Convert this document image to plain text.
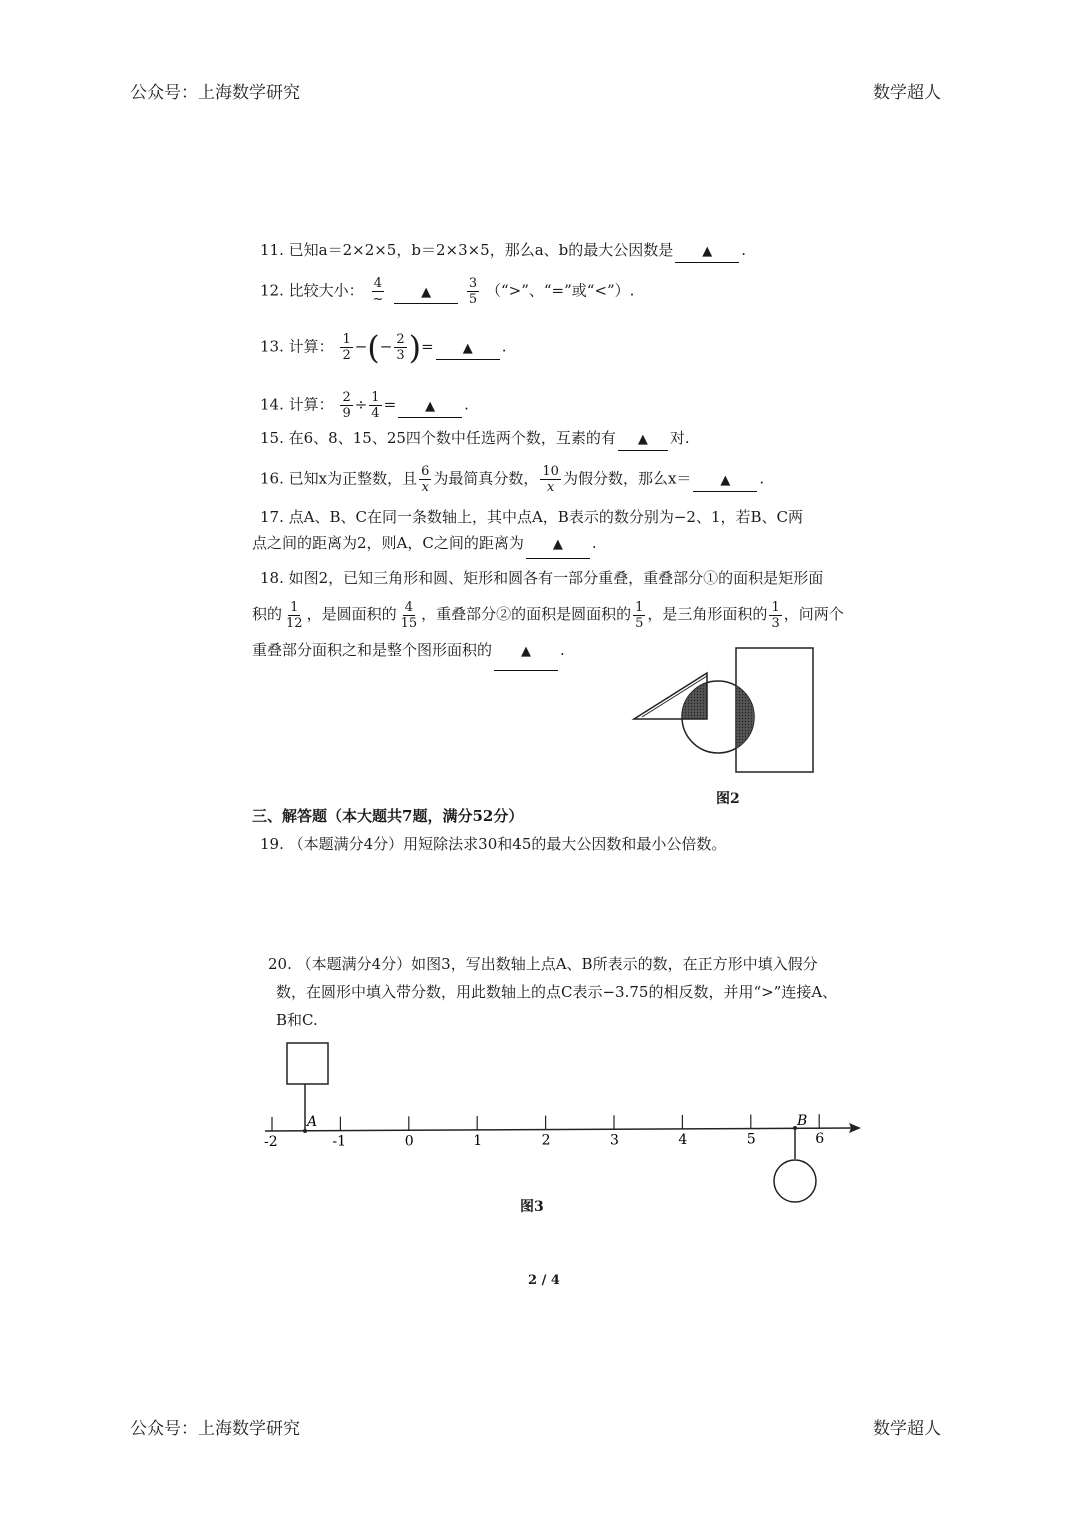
公众号：上海数学研究	数学超人
11. 已知a＝2×2×5，b＝2×3×5，那么a、b的最大公因数是 ▲ .
12. 比较大小： $\frac{4}{\sim}$	▲	$\frac{3}{5}$ （“>”、“=”或“<”）.
13. 计算： $\frac{1}{2}$ −(− $\frac{2}{3}$ )= ▲ .
14. 计算： $\frac{2}{9} \div \frac{1}{4}$ = ▲ .
15. 在6、8、15、25四个数中任选两个数，互素的有 ▲ 对.
16. 已知x为正整数，且 $\frac{6}{x}$ 为最简真分数， $\frac{10}{x}$ 为假分数，那么x＝ ▲ .
17. 点A、B、C在同一条数轴上，其中点A，B表示的数分别为−2、1，若B、C两
点之间的距离为2，则A，C之间的距离为 ▲ .
18. 如图2，已知三角形和圆、矩形和圆各有一部分重叠，重叠部分①的面积是矩形面
积的 $\frac{1}{12}$ ，是圆面积的 $\frac{4}{15}$ ，重叠部分②的面积是圆面积的 $\frac{1}{5}$ ，是三角形面积的 $\frac{1}{3}$ ，问两个
重叠部分面积之和是整个图形面积的 ▲ .
图2
三、解答题（本大题共7题，满分52分）
19. （本题满分4分）用短除法求30和45的最大公因数和最小公倍数。
20. （本题满分4分）如图3，写出数轴上点A、B所表示的数，在正方形中填入假分
数，在圆形中填入带分数，用此数轴上的点C表示−3.75的相反数，并用“>”连接A、
B和C.
-2	-1	0	1	2	3	4	5	6
A	B
图3
2 / 4
公众号：上海数学研究	数学超人
